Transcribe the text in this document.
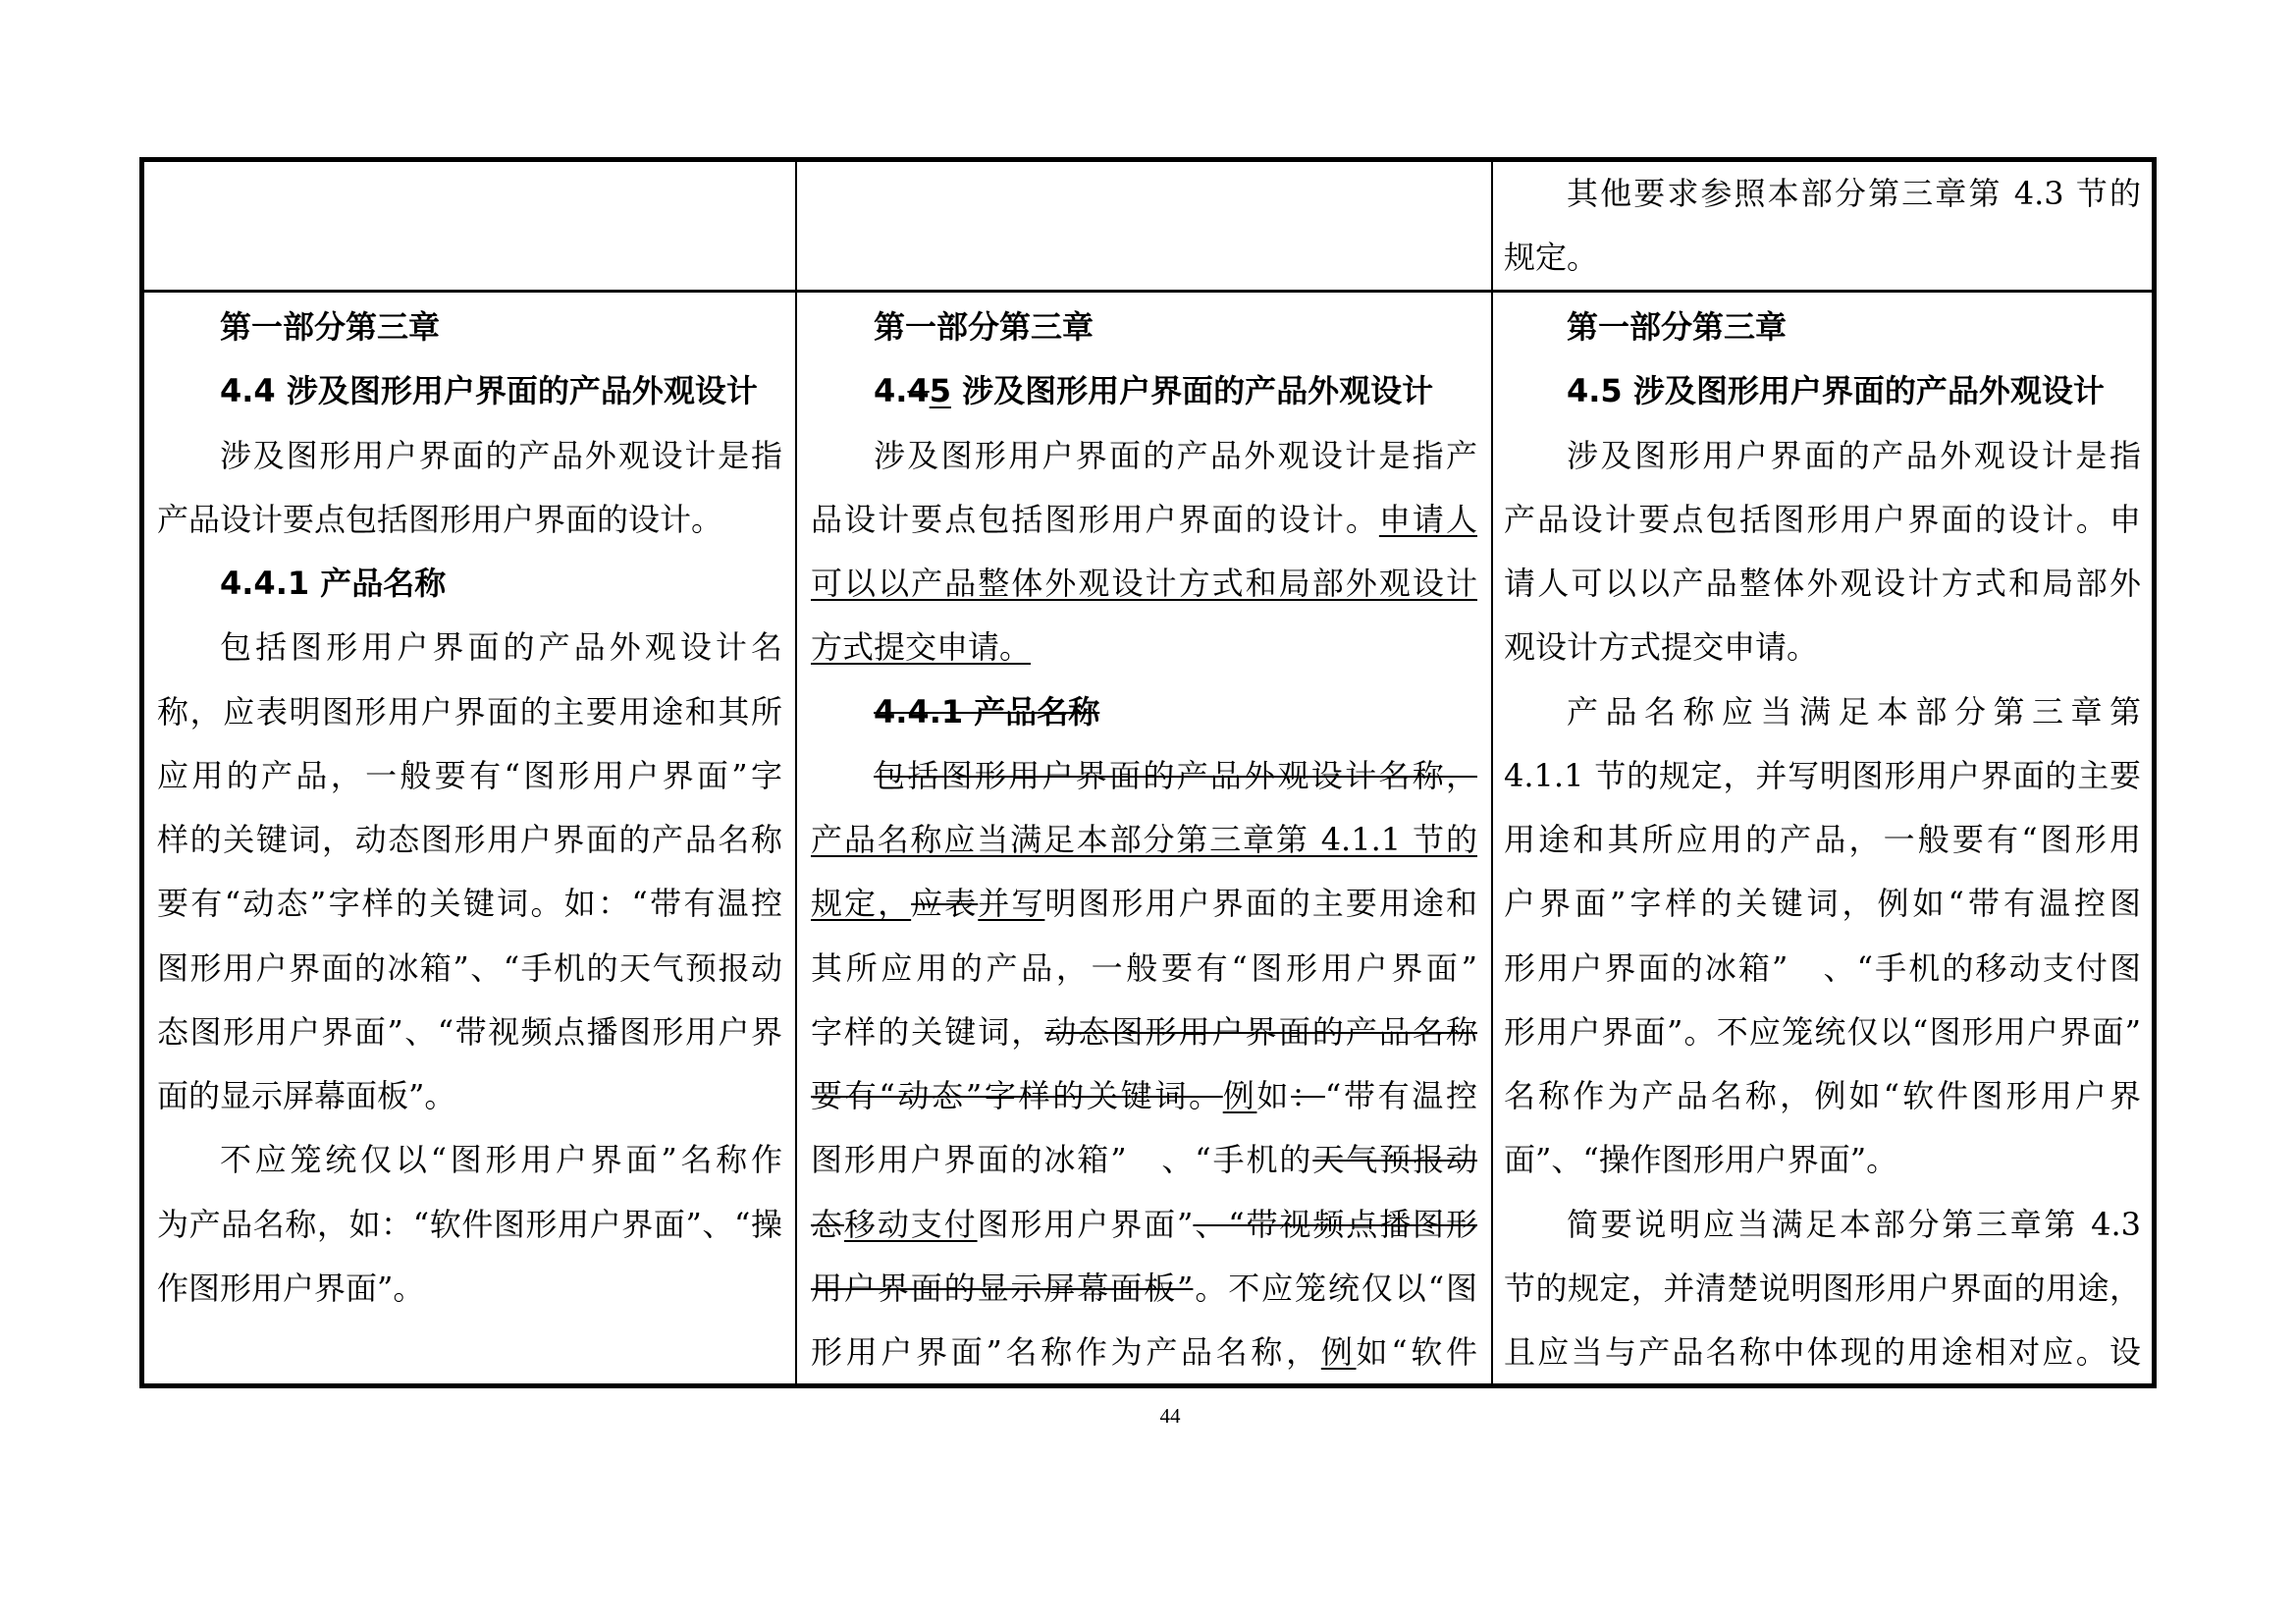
其他要求参照本部分第三章第 4.3 节的
规定。
第一部分第三章
4.4 涉及图形用户界面的产品外观设计
涉及图形用户界面的产品外观设计是指
产品设计要点包括图形用户界面的设计。
4.4.1 产品名称
包括图形用户界面的产品外观设计名
称，应表明图形用户界面的主要用途和其所
应用的产品，一般要有“图形用户界面”字
样的关键词，动态图形用户界面的产品名称
要有“动态”字样的关键词。如：“带有温控
图形用户界面的冰箱”、“手机的天气预报动
态图形用户界面”、“带视频点播图形用户界
面的显示屏幕面板”。
不应笼统仅以“图形用户界面”名称作
为产品名称，如：“软件图形用户界面”、“操
作图形用户界面”。
第一部分第三章
4.45 涉及图形用户界面的产品外观设计
涉及图形用户界面的产品外观设计是指产
品设计要点包括图形用户界面的设计。申请人
可以以产品整体外观设计方式和局部外观设计
方式提交申请。
4.4.1 产品名称
包括图形用户界面的产品外观设计名称，
产品名称应当满足本部分第三章第 4.1.1 节的
规定，应表并写明图形用户界面的主要用途和
其所应用的产品，一般要有“图形用户界面”
字样的关键词，动态图形用户界面的产品名称
要有“动态”字样的关键词。例如：“带有温控
图形用户界面的冰箱”　、“手机的天气预报动
态移动支付图形用户界面”、“带视频点播图形
用户界面的显示屏幕面板”。不应笼统仅以“图
形用户界面”名称作为产品名称，例如“软件
第一部分第三章
4.5 涉及图形用户界面的产品外观设计
涉及图形用户界面的产品外观设计是指
产品设计要点包括图形用户界面的设计。申
请人可以以产品整体外观设计方式和局部外
观设计方式提交申请。
产品名称应当满足本部分第三章第
4.1.1 节的规定，并写明图形用户界面的主要
用途和其所应用的产品，一般要有“图形用
户界面”字样的关键词，例如“带有温控图
形用户界面的冰箱”　、“手机的移动支付图
形用户界面”。不应笼统仅以“图形用户界面”
名称作为产品名称，例如“软件图形用户界
面”、“操作图形用户界面”。
简要说明应当满足本部分第三章第 4.3
节的规定，并清楚说明图形用户界面的用途，
且应当与产品名称中体现的用途相对应。设
44
